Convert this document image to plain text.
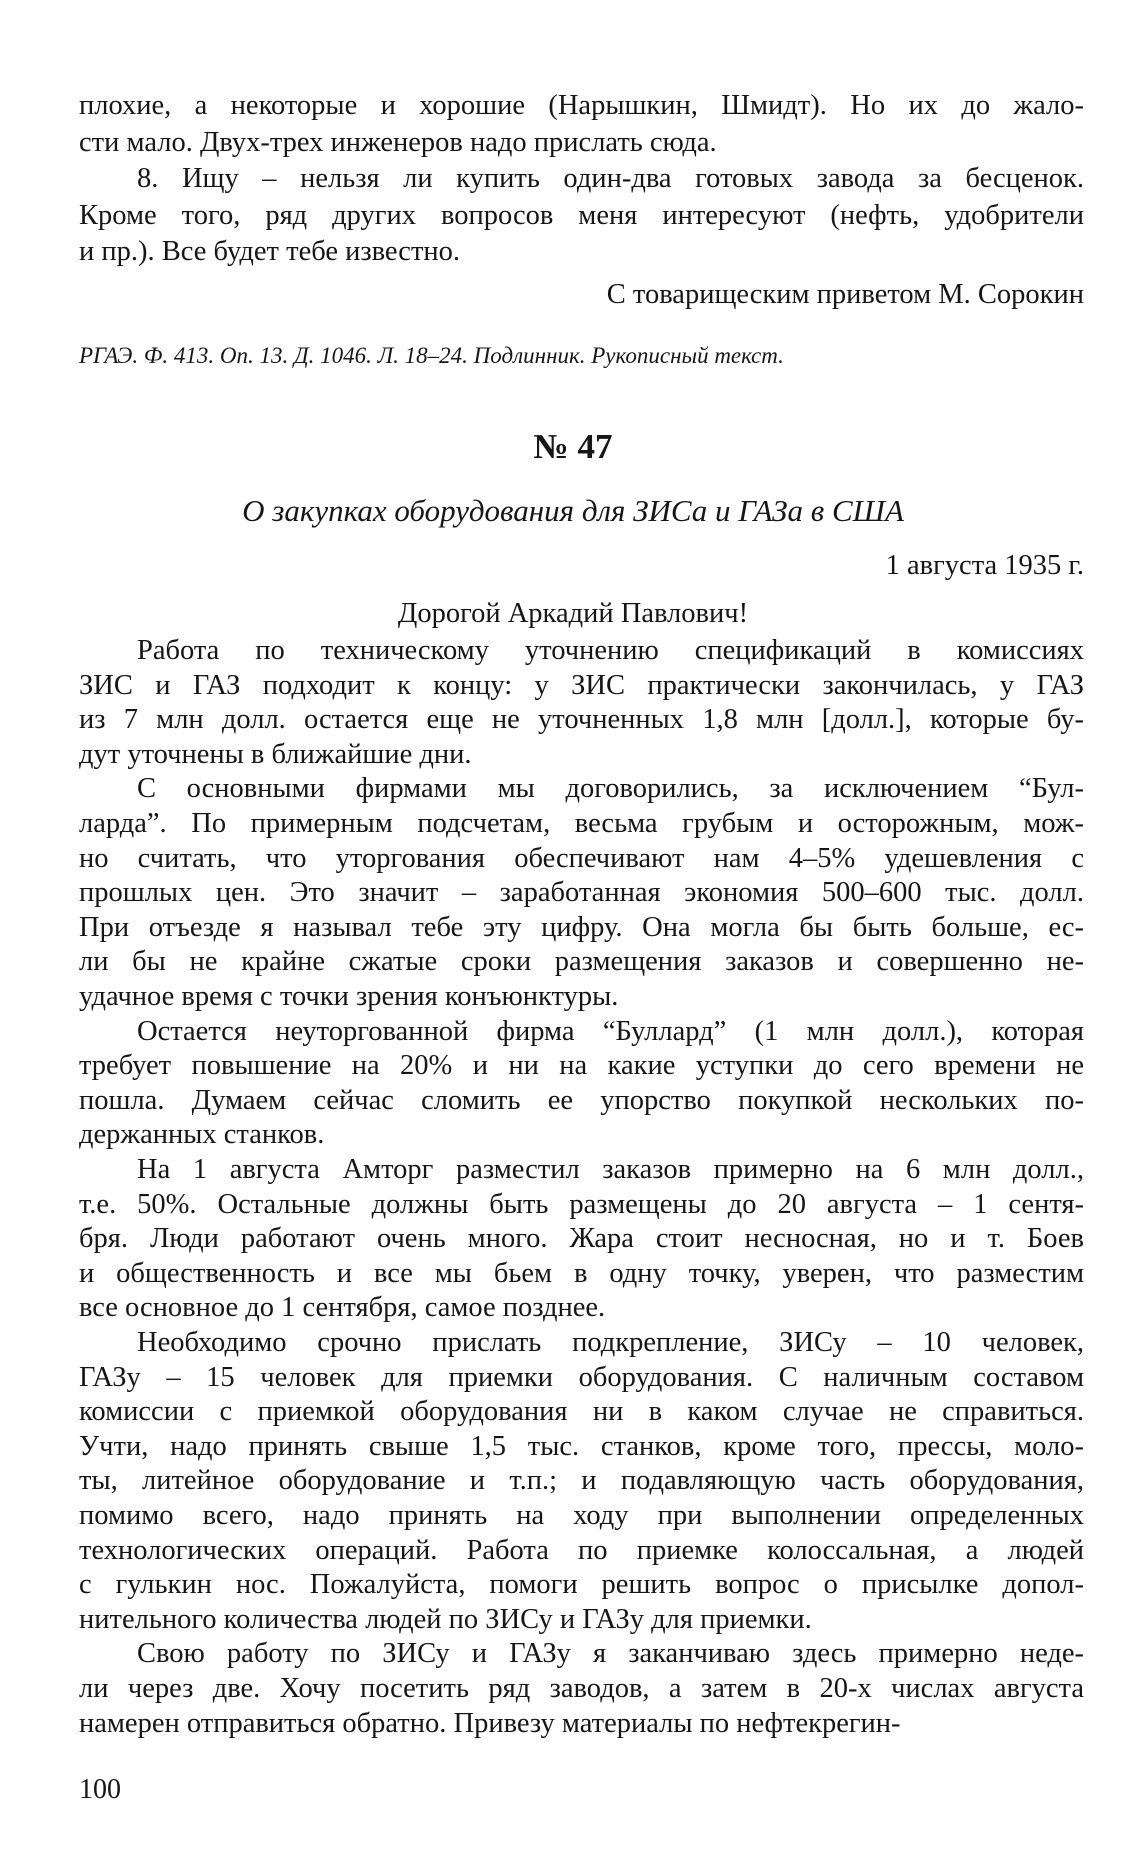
плохие, а некоторые и хорошие (Нарышкин, Шмидт). Но их до жало-
сти мало. Двух-трех инженеров надо прислать сюда.
8. Ищу – нельзя ли купить один-два готовых завода за бесценок.
Кроме того, ряд других вопросов меня интересуют (нефть, удобрители
и пр.). Все будет тебе известно.
С товарищеским приветом М. Сорокин
РГАЭ. Ф. 413. Оп. 13. Д. 1046. Л. 18–24. Подлинник. Рукописный текст.
№ 47
О закупках оборудования для ЗИСа и ГАЗа в США
1 августа 1935 г.
Дорогой Аркадий Павлович!
Работа по техническому уточнению спецификаций в комиссиях
ЗИС и ГАЗ подходит к концу: у ЗИС практически закончилась, у ГАЗ
из 7 млн долл. остается еще не уточненных 1,8 млн [долл.], которые бу-
дут уточнены в ближайшие дни.
С основными фирмами мы договорились, за исключением “Бул-
ларда”. По примерным подсчетам, весьма грубым и осторожным, мож-
но считать, что уторгования обеспечивают нам 4–5% удешевления с
прошлых цен. Это значит – заработанная экономия 500–600 тыс. долл.
При отъезде я называл тебе эту цифру. Она могла бы быть больше, ес-
ли бы не крайне сжатые сроки размещения заказов и совершенно не-
удачное время с точки зрения конъюнктуры.
Остается неуторгованной фирма “Буллард” (1 млн долл.), которая
требует повышение на 20% и ни на какие уступки до сего времени не
пошла. Думаем сейчас сломить ее упорство покупкой нескольких по-
держанных станков.
На 1 августа Амторг разместил заказов примерно на 6 млн долл.,
т.е. 50%. Остальные должны быть размещены до 20 августа – 1 сентя-
бря. Люди работают очень много. Жара стоит несносная, но и т. Боев
и общественность и все мы бьем в одну точку, уверен, что разместим
все основное до 1 сентября, самое позднее.
Необходимо срочно прислать подкрепление, ЗИСу – 10 человек,
ГАЗу – 15 человек для приемки оборудования. С наличным составом
комиссии с приемкой оборудования ни в каком случае не справиться.
Учти, надо принять свыше 1,5 тыс. станков, кроме того, прессы, моло-
ты, литейное оборудование и т.п.; и подавляющую часть оборудования,
помимо всего, надо принять на ходу при выполнении определенных
технологических операций. Работа по приемке колоссальная, а людей
с гулькин нос. Пожалуйста, помоги решить вопрос о присылке допол-
нительного количества людей по ЗИСу и ГАЗу для приемки.
Свою работу по ЗИСу и ГАЗу я заканчиваю здесь примерно неде-
ли через две. Хочу посетить ряд заводов, а затем в 20-х числах августа
намерен отправиться обратно. Привезу материалы по нефтекрегин-
100
